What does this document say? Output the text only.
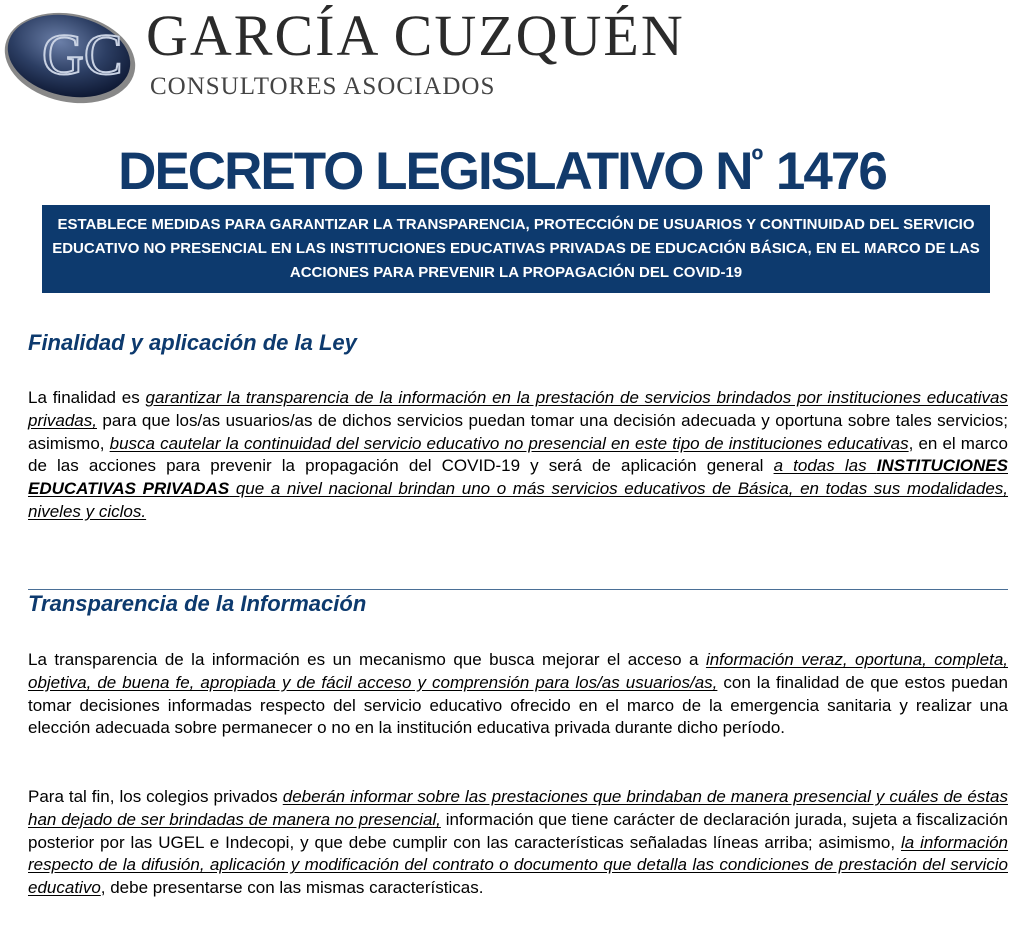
GC GARCÍA CUZQUÉN
CONSULTORES ASOCIADOS
DECRETO LEGISLATIVO $N^º$ 1476
ESTABLECE MEDIDAS PARA GARANTIZAR LA TRANSPARENCIA, PROTECCIÓN DE USUARIOS Y CONTINUIDAD DEL SERVICIO EDUCATIVO NO PRESENCIAL EN LAS INSTITUCIONES EDUCATIVAS PRIVADAS DE EDUCACIÓN BÁSICA, EN EL MARCO DE LAS ACCIONES PARA PREVENIR LA PROPAGACIÓN DEL COVID-19
Finalidad y aplicación de la Ley
La finalidad es garantizar la transparencia de la información en la prestación de servicios brindados por instituciones educativas privadas, para que los/as usuarios/as de dichos servicios puedan tomar una decisión adecuada y oportuna sobre tales servicios; asimismo, busca cautelar la continuidad del servicio educativo no presencial en este tipo de instituciones educativas, en el marco de las acciones para prevenir la propagación del COVID-19 y será de aplicación general a todas las INSTITUCIONES EDUCATIVAS PRIVADAS que a nivel nacional brindan uno o más servicios educativos de Básica, en todas sus modalidades, niveles y ciclos.
Transparencia de la Información
La transparencia de la información es un mecanismo que busca mejorar el acceso a información veraz, oportuna, completa, objetiva, de buena fe, apropiada y de fácil acceso y comprensión para los/as usuarios/as, con la finalidad de que estos puedan tomar decisiones informadas respecto del servicio educativo ofrecido en el marco de la emergencia sanitaria y realizar una elección adecuada sobre permanecer o no en la institución educativa privada durante dicho período.
Para tal fin, los colegios privados deberán informar sobre las prestaciones que brindaban de manera presencial y cuáles de éstas han dejado de ser brindadas de manera no presencial, información que tiene carácter de declaración jurada, sujeta a fiscalización posterior por las UGEL e Indecopi, y que debe cumplir con las características señaladas líneas arriba; asimismo, la información respecto de la difusión, aplicación y modificación del contrato o documento que detalla las condiciones de prestación del servicio educativo, debe presentarse con las mismas características.
